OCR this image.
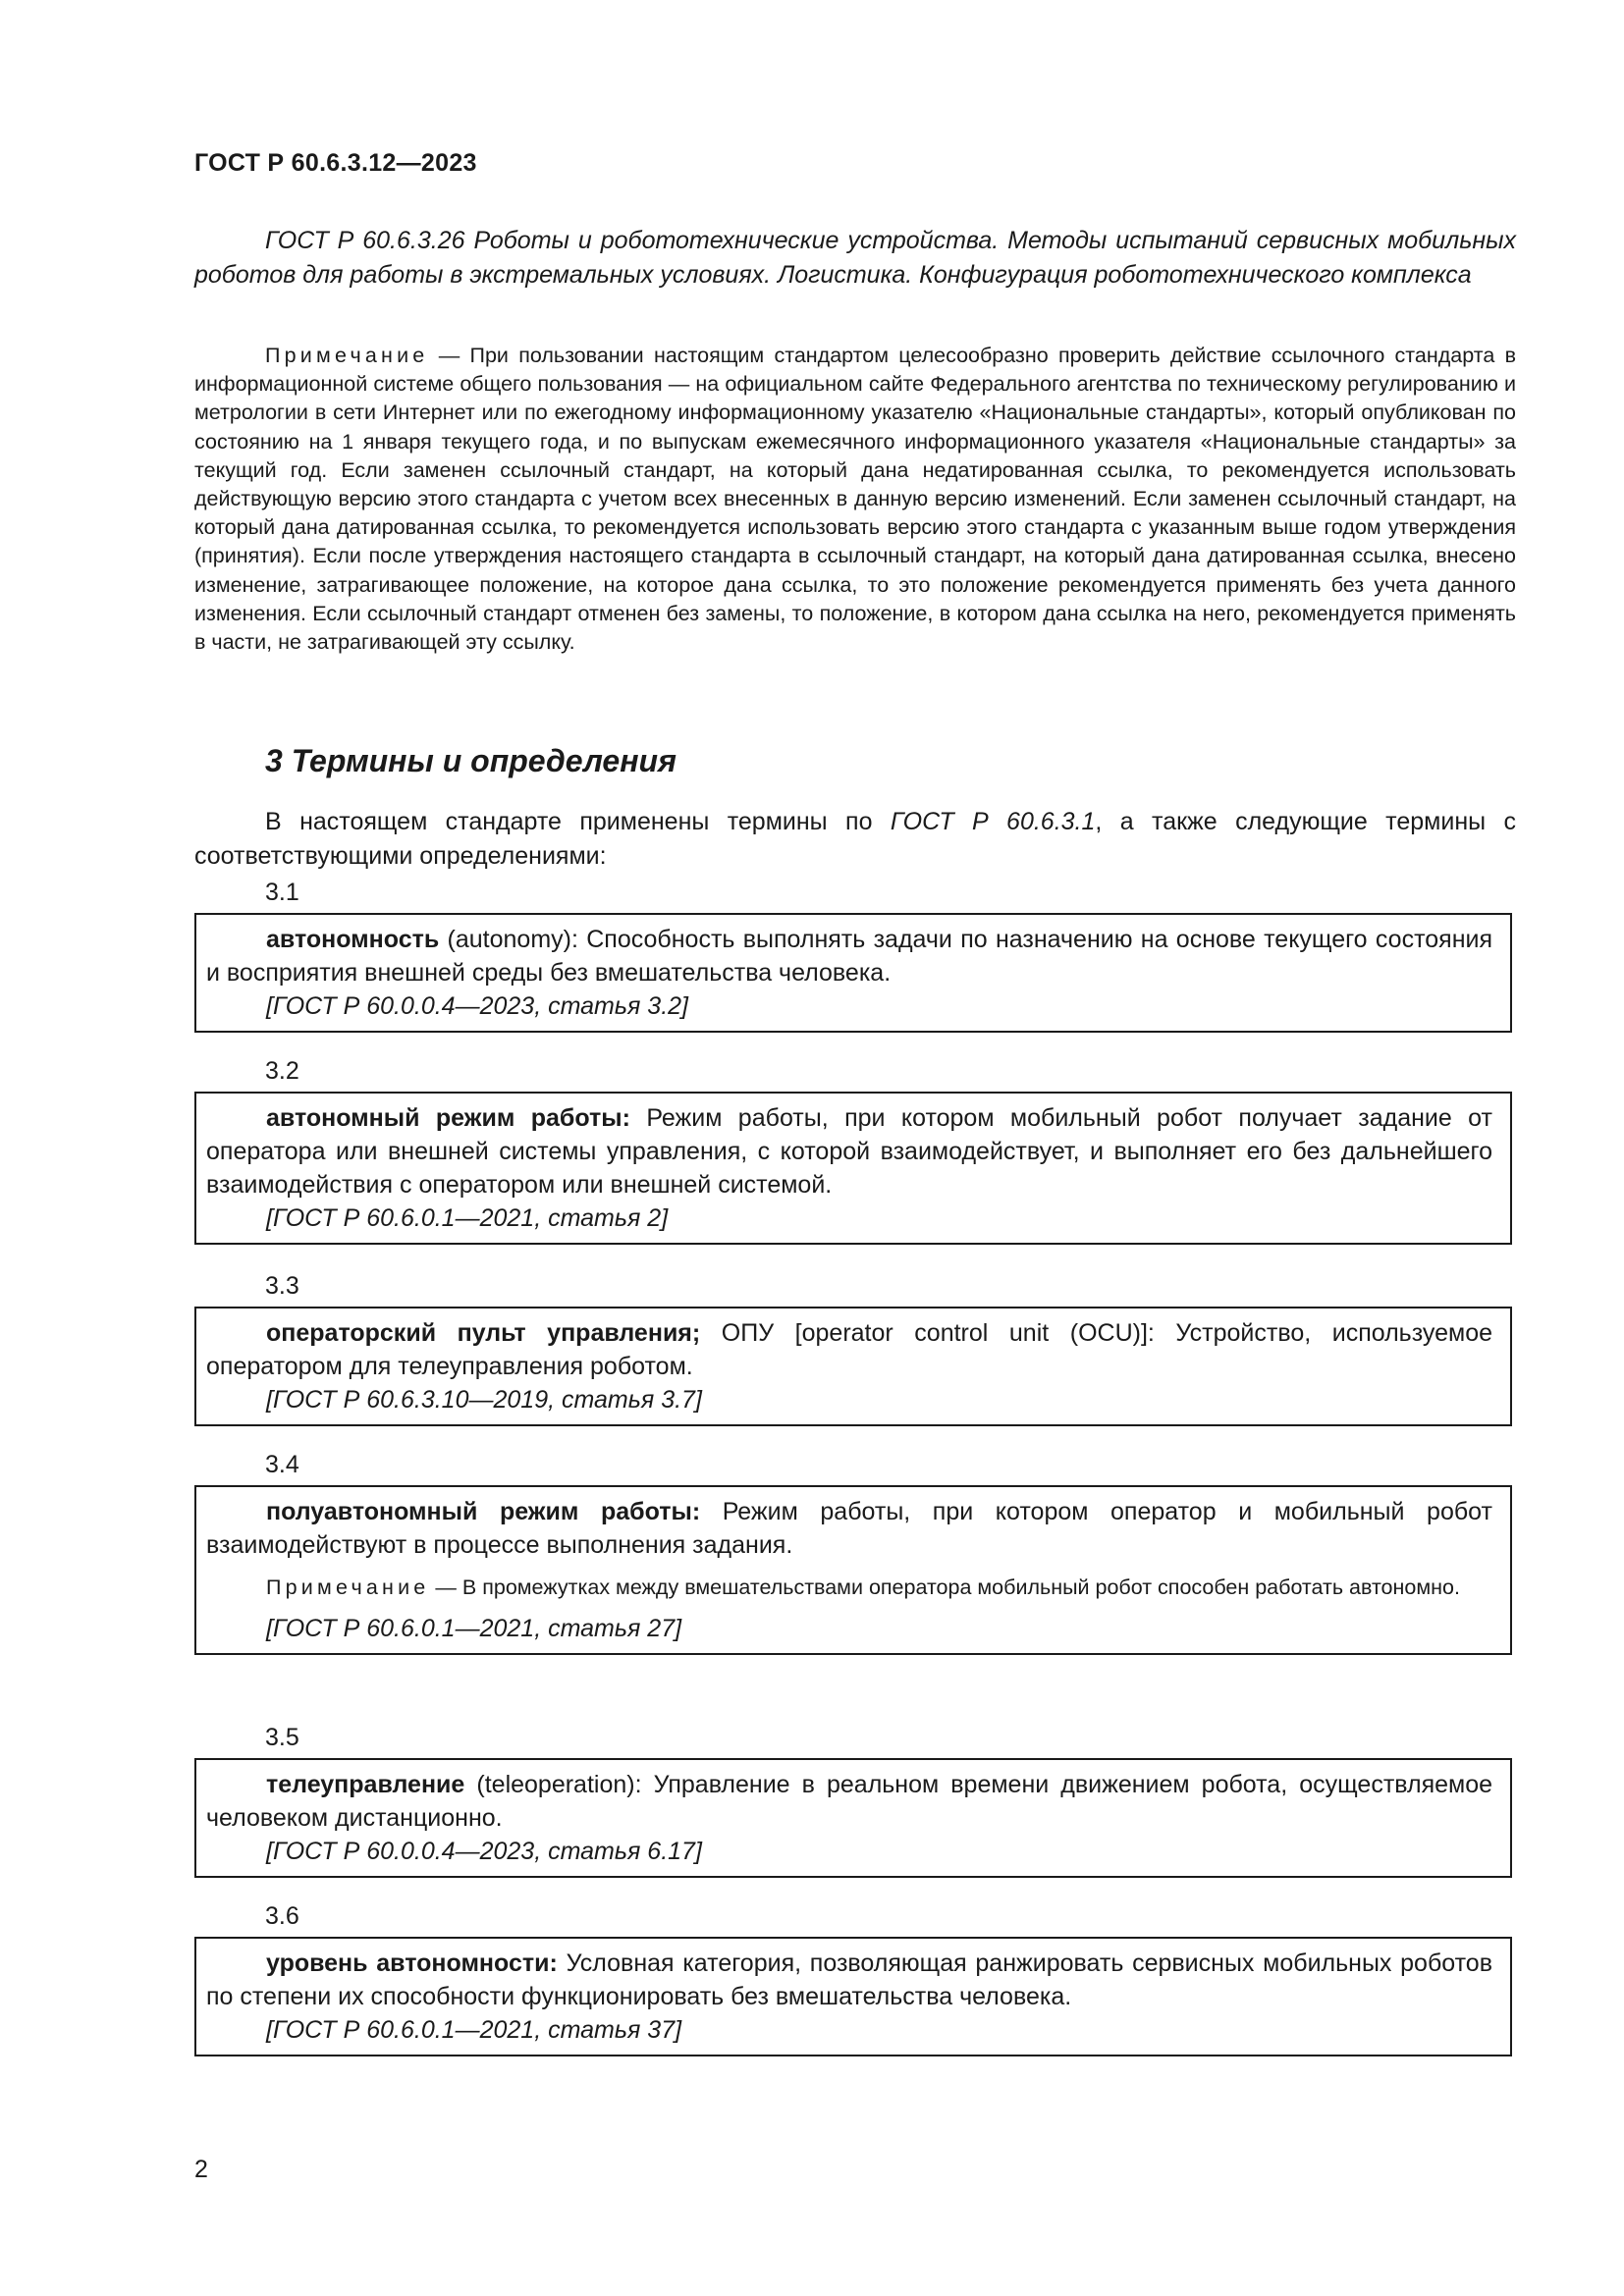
ГОСТ Р 60.6.3.12—2023
ГОСТ Р 60.6.3.26 Роботы и робототехнические устройства. Методы испытаний сервисных мобильных роботов для работы в экстремальных условиях. Логистика. Конфигурация робототехнического комплекса
Примечание — При пользовании настоящим стандартом целесообразно проверить действие ссылочного стандарта в информационной системе общего пользования — на официальном сайте Федерального агентства по техническому регулированию и метрологии в сети Интернет или по ежегодному информационному указателю «Национальные стандарты», который опубликован по состоянию на 1 января текущего года, и по выпускам ежемесячного информационного указателя «Национальные стандарты» за текущий год. Если заменен ссылочный стандарт, на который дана недатированная ссылка, то рекомендуется использовать действующую версию этого стандарта с учетом всех внесенных в данную версию изменений. Если заменен ссылочный стандарт, на который дана датированная ссылка, то рекомендуется использовать версию этого стандарта с указанным выше годом утверждения (принятия). Если после утверждения настоящего стандарта в ссылочный стандарт, на который дана датированная ссылка, внесено изменение, затрагивающее положение, на которое дана ссылка, то это положение рекомендуется применять без учета данного изменения. Если ссылочный стандарт отменен без замены, то положение, в котором дана ссылка на него, рекомендуется применять в части, не затрагивающей эту ссылку.
3 Термины и определения
В настоящем стандарте применены термины по ГОСТ Р 60.6.3.1, а также следующие термины с соответствующими определениями:
3.1
автономность (autonomy): Способность выполнять задачи по назначению на основе текущего состояния и восприятия внешней среды без вмешательства человека.
[ГОСТ Р 60.0.0.4—2023, статья 3.2]
3.2
автономный режим работы: Режим работы, при котором мобильный робот получает задание от оператора или внешней системы управления, с которой взаимодействует, и выполняет его без дальнейшего взаимодействия с оператором или внешней системой.
[ГОСТ Р 60.6.0.1—2021, статья 2]
3.3
операторский пульт управления; ОПУ [operator control unit (OCU)]: Устройство, используемое оператором для телеуправления роботом.
[ГОСТ Р 60.6.3.10—2019, статья 3.7]
3.4
полуавтономный режим работы: Режим работы, при котором оператор и мобильный робот взаимодействуют в процессе выполнения задания.
Примечание — В промежутках между вмешательствами оператора мобильный робот способен работать автономно.
[ГОСТ Р 60.6.0.1—2021, статья 27]
3.5
телеуправление (teleoperation): Управление в реальном времени движением робота, осуществляемое человеком дистанционно.
[ГОСТ Р 60.0.0.4—2023, статья 6.17]
3.6
уровень автономности: Условная категория, позволяющая ранжировать сервисных мобильных роботов по степени их способности функционировать без вмешательства человека.
[ГОСТ Р 60.6.0.1—2021, статья 37]
2
